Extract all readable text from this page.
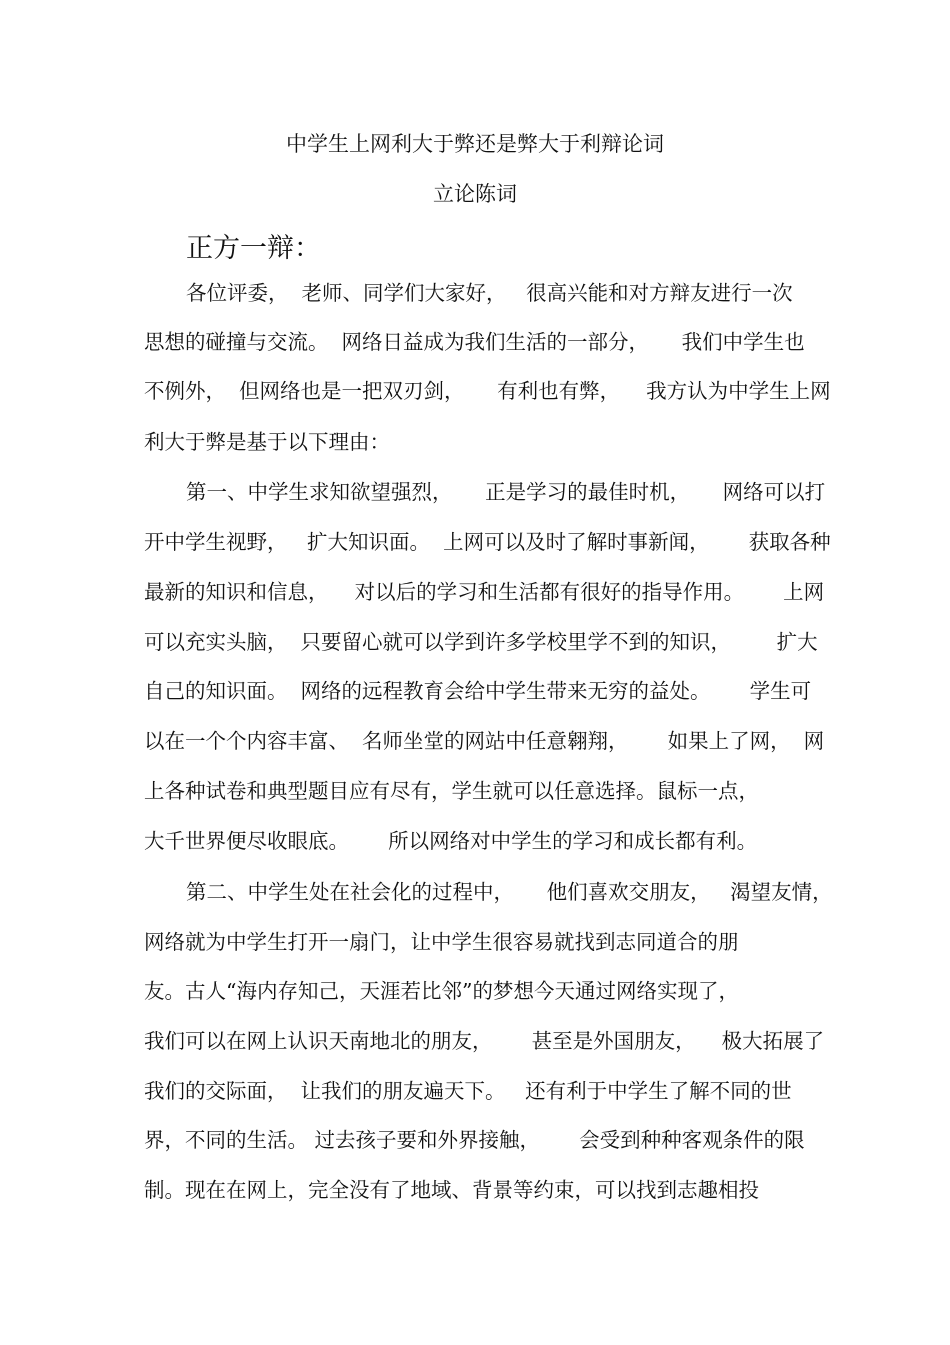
中学生上网利大于弊还是弊大于利辩论词
立论陈词
正方一辩：
各位评委，  老师、同学们大家好，   很高兴能和对方辩友进行一次
思想的碰撞与交流。  网络日益成为我们生活的一部分，     我们中学生也
不例外，  但网络也是一把双刃剑，     有利也有弊，    我方认为中学生上网
利大于弊是基于以下理由：
第一、中学生求知欲望强烈，     正是学习的最佳时机，     网络可以打
开中学生视野，   扩大知识面。  上网可以及时了解时事新闻，      获取各种
最新的知识和信息，    对以后的学习和生活都有很好的指导作用。      上网
可以充实头脑，  只要留心就可以学到许多学校里学不到的知识，       扩大
自己的知识面。  网络的远程教育会给中学生带来无穷的益处。      学生可
以在一个个内容丰富、  名师坐堂的网站中任意翱翔，      如果上了网，  网
上各种试卷和典型题目应有尽有，学生就可以任意选择。鼠标一点，
大千世界便尽收眼底。      所以网络对中学生的学习和成长都有利。
第二、中学生处在社会化的过程中，     他们喜欢交朋友，   渴望友情，
网络就为中学生打开一扇门，让中学生很容易就找到志同道合的朋
友。古人“海内存知己，天涯若比邻”的梦想今天通过网络实现了，
我们可以在网上认识天南地北的朋友，      甚至是外国朋友，    极大拓展了
我们的交际面，  让我们的朋友遍天下。   还有利于中学生了解不同的世
界，不同的生活。 过去孩子要和外界接触，      会受到种种客观条件的限
制。现在在网上，完全没有了地域、背景等约束，可以找到志趣相投
